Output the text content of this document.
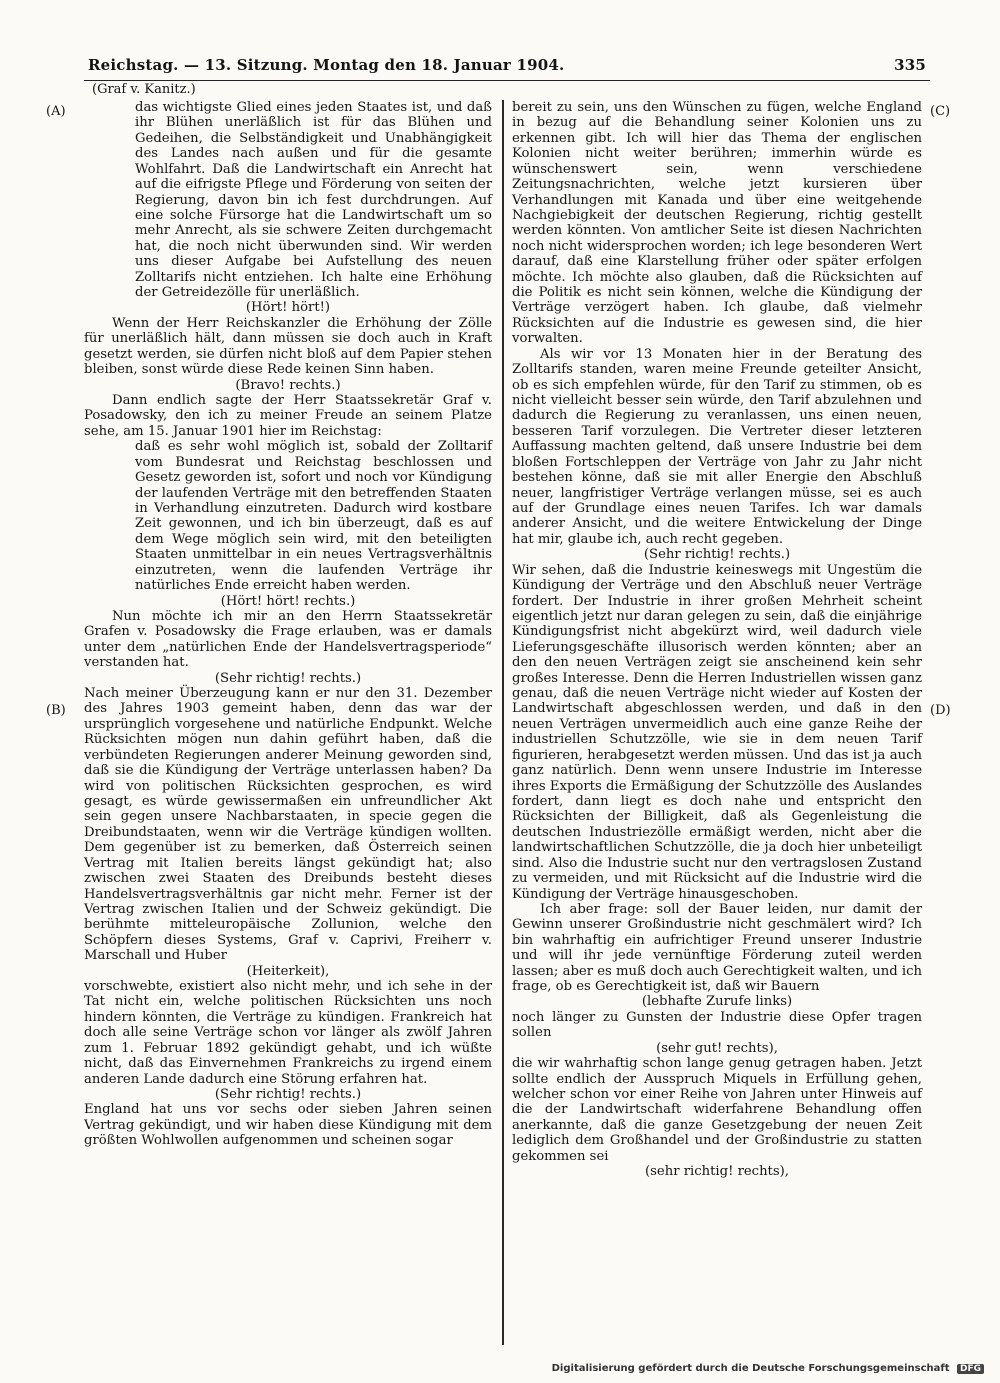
Reichstag. — 13. Sitzung. Montag den 18. Januar 1904.	335
(Graf v. Kanitz.)
(A)
(B)
(C)
(D)

das wichtigste Glied eines jeden Staates ist, und daß ihr Blühen unerläßlich ist für das Blühen und Gedeihen, die Selbständigkeit und Unabhängigkeit des Landes nach außen und für die gesamte Wohlfahrt. Daß die Landwirtschaft ein Anrecht hat auf die eifrigste Pflege und Förderung von seiten der Regierung, davon bin ich fest durchdrungen. Auf eine solche Fürsorge hat die Landwirtschaft um so mehr Anrecht, als sie schwere Zeiten durchgemacht hat, die noch nicht überwunden sind. Wir werden uns dieser Aufgabe bei Aufstellung des neuen Zolltarifs nicht entziehen. Ich halte eine Erhöhung der Getreidezölle für unerläßlich.

(Hört! hört!)

Wenn der Herr Reichskanzler die Erhöhung der Zölle für unerläßlich hält, dann müssen sie doch auch in Kraft gesetzt werden, sie dürfen nicht bloß auf dem Papier stehen bleiben, sonst würde diese Rede keinen Sinn haben.

(Bravo! rechts.)

Dann endlich sagte der Herr Staatssekretär Graf v. Posadowsky, den ich zu meiner Freude an seinem Platze sehe, am 15. Januar 1901 hier im Reichstag:

daß es sehr wohl möglich ist, sobald der Zolltarif vom Bundesrat und Reichstag beschlossen und Gesetz geworden ist, sofort und noch vor Kündigung der laufenden Verträge mit den betreffenden Staaten in Verhandlung einzutreten. Dadurch wird kostbare Zeit gewonnen, und ich bin überzeugt, daß es auf dem Wege möglich sein wird, mit den beteiligten Staaten unmittelbar in ein neues Vertragsverhältnis einzutreten, wenn die laufenden Verträge ihr natürliches Ende erreicht haben werden.

(Hört! hört! rechts.)

Nun möchte ich mir an den Herrn Staatssekretär Grafen v. Posadowsky die Frage erlauben, was er damals unter dem „natürlichen Ende der Handelsvertragsperiode“ verstanden hat.

(Sehr richtig! rechts.)

Nach meiner Überzeugung kann er nur den 31. Dezember des Jahres 1903 gemeint haben, denn das war der ursprünglich vorgesehene und natürliche Endpunkt. Welche Rücksichten mögen nun dahin geführt haben, daß die verbündeten Regierungen anderer Meinung geworden sind, daß sie die Kündigung der Verträge unterlassen haben? Da wird von politischen Rücksichten gesprochen, es wird gesagt, es würde gewissermaßen ein unfreundlicher Akt sein gegen unsere Nachbarstaaten, in specie gegen die Dreibundstaaten, wenn wir die Verträge kündigen wollten. Dem gegenüber ist zu bemerken, daß Österreich seinen Vertrag mit Italien bereits längst gekündigt hat; also zwischen zwei Staaten des Dreibunds besteht dieses Handelsvertragsverhältnis gar nicht mehr. Ferner ist der Vertrag zwischen Italien und der Schweiz gekündigt. Die berühmte mitteleuropäische Zollunion, welche den Schöpfern dieses Systems, Graf v. Caprivi, Freiherr v. Marschall und Huber

(Heiterkeit),

vorschwebte, existiert also nicht mehr, und ich sehe in der Tat nicht ein, welche politischen Rücksichten uns noch hindern könnten, die Verträge zu kündigen. Frankreich hat doch alle seine Verträge schon vor länger als zwölf Jahren zum 1. Februar 1892 gekündigt gehabt, und ich wüßte nicht, daß das Einvernehmen Frankreichs zu irgend einem anderen Lande dadurch eine Störung erfahren hat.

(Sehr richtig! rechts.)

England hat uns vor sechs oder sieben Jahren seinen Vertrag gekündigt, und wir haben diese Kündigung mit dem größten Wohlwollen aufgenommen und scheinen sogar

bereit zu sein, uns den Wünschen zu fügen, welche England in bezug auf die Behandlung seiner Kolonien uns zu erkennen gibt. Ich will hier das Thema der englischen Kolonien nicht weiter berühren; immerhin würde es wünschenswert sein, wenn verschiedene Zeitungsnachrichten, welche jetzt kursieren über Verhandlungen mit Kanada und über eine weitgehende Nachgiebigkeit der deutschen Regierung, richtig gestellt werden könnten. Von amtlicher Seite ist diesen Nachrichten noch nicht widersprochen worden; ich lege besonderen Wert darauf, daß eine Klarstellung früher oder später erfolgen möchte. Ich möchte also glauben, daß die Rücksichten auf die Politik es nicht sein können, welche die Kündigung der Verträge verzögert haben. Ich glaube, daß vielmehr Rücksichten auf die Industrie es gewesen sind, die hier vorwalten.

Als wir vor 13 Monaten hier in der Beratung des Zolltarifs standen, waren meine Freunde geteilter Ansicht, ob es sich empfehlen würde, für den Tarif zu stimmen, ob es nicht vielleicht besser sein würde, den Tarif abzulehnen und dadurch die Regierung zu veranlassen, uns einen neuen, besseren Tarif vorzulegen. Die Vertreter dieser letzteren Auffassung machten geltend, daß unsere Industrie bei dem bloßen Fortschleppen der Verträge von Jahr zu Jahr nicht bestehen könne, daß sie mit aller Energie den Abschluß neuer, langfristiger Verträge verlangen müsse, sei es auch auf der Grundlage eines neuen Tarifes. Ich war damals anderer Ansicht, und die weitere Entwickelung der Dinge hat mir, glaube ich, auch recht gegeben.

(Sehr richtig! rechts.)

Wir sehen, daß die Industrie keineswegs mit Ungestüm die Kündigung der Verträge und den Abschluß neuer Verträge fordert. Der Industrie in ihrer großen Mehrheit scheint eigentlich jetzt nur daran gelegen zu sein, daß die einjährige Kündigungsfrist nicht abgekürzt wird, weil dadurch viele Lieferungsgeschäfte illusorisch werden könnten; aber an den den neuen Verträgen zeigt sie anscheinend kein sehr großes Interesse. Denn die Herren Industriellen wissen ganz genau, daß die neuen Verträge nicht wieder auf Kosten der Landwirtschaft abgeschlossen werden, und daß in den neuen Verträgen unvermeidlich auch eine ganze Reihe der industriellen Schutzzölle, wie sie in dem neuen Tarif figurieren, herabgesetzt werden müssen. Und das ist ja auch ganz natürlich. Denn wenn unsere Industrie im Interesse ihres Exports die Ermäßigung der Schutzzölle des Auslandes fordert, dann liegt es doch nahe und entspricht den Rücksichten der Billigkeit, daß als Gegenleistung die deutschen Industriezölle ermäßigt werden, nicht aber die landwirtschaftlichen Schutzzölle, die ja doch hier unbeteiligt sind. Also die Industrie sucht nur den vertragslosen Zustand zu vermeiden, und mit Rücksicht auf die Industrie wird die Kündigung der Verträge hinausgeschoben.

Ich aber frage: soll der Bauer leiden, nur damit der Gewinn unserer Großindustrie nicht geschmälert wird? Ich bin wahrhaftig ein aufrichtiger Freund unserer Industrie und will ihr jede vernünftige Förderung zuteil werden lassen; aber es muß doch auch Gerechtigkeit walten, und ich frage, ob es Gerechtigkeit ist, daß wir Bauern

(lebhafte Zurufe links)

noch länger zu Gunsten der Industrie diese Opfer tragen sollen

(sehr gut! rechts),

die wir wahrhaftig schon lange genug getragen haben. Jetzt sollte endlich der Ausspruch Miquels in Erfüllung gehen, welcher schon vor einer Reihe von Jahren unter Hinweis auf die der Landwirtschaft widerfahrene Behandlung offen anerkannte, daß die ganze Gesetzgebung der neuen Zeit lediglich dem Großhandel und der Großindustrie zu statten gekommen sei

(sehr richtig! rechts),

Digitalisierung gefördert durch die Deutsche Forschungsgemeinschaft DFG
